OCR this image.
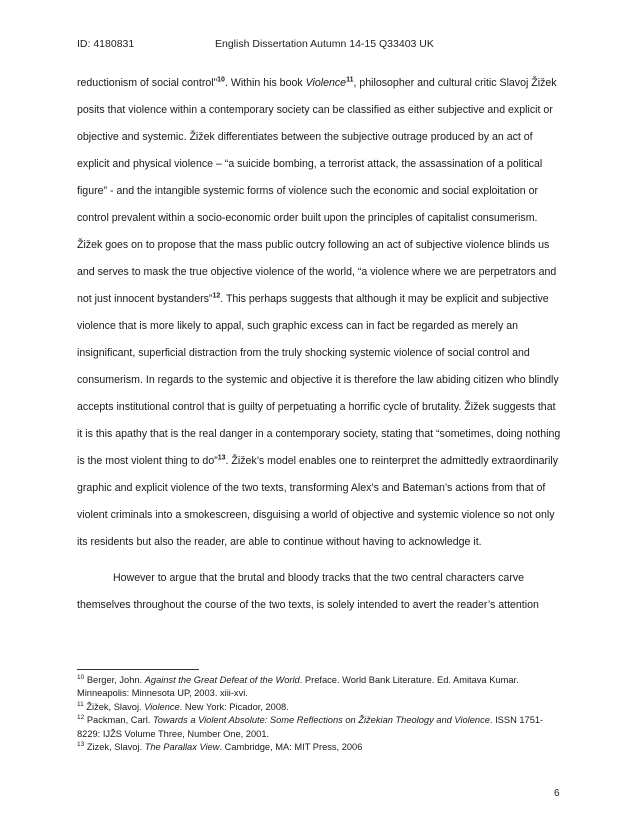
ID: 4180831	English Dissertation Autumn 14-15 Q33403 UK

reductionism of social control”$^{10}$. Within his book Violence$^{11}$, philosopher and cultural critic Slavoj Žižek posits that violence within a contemporary society can be classified as either subjective and explicit or objective and systemic. Žižek differentiates between the subjective outrage produced by an act of explicit and physical violence – “a suicide bombing, a terrorist attack, the assassination of a political figure” - and the intangible systemic forms of violence such the economic and social exploitation or control prevalent within a socio-economic order built upon the principles of capitalist consumerism. Žižek goes on to propose that the mass public outcry following an act of subjective violence blinds us and serves to mask the true objective violence of the world, “a violence where we are perpetrators and not just innocent bystanders”$^{12}$. This perhaps suggests that although it may be explicit and subjective violence that is more likely to appal, such graphic excess can in fact be regarded as merely an insignificant, superficial distraction from the truly shocking systemic violence of social control and consumerism. In regards to the systemic and objective it is therefore the law abiding citizen who blindly accepts institutional control that is guilty of perpetuating a horrific cycle of brutality. Žižek suggests that it is this apathy that is the real danger in a contemporary society, stating that “sometimes, doing nothing is the most violent thing to do”$^{13}$. Žižek’s model enables one to reinterpret the admittedly extraordinarily graphic and explicit violence of the two texts, transforming Alex’s and Bateman’s actions from that of violent criminals into a smokescreen, disguising a world of objective and systemic violence so not only its residents but also the reader, are able to continue without having to acknowledge it.

However to argue that the brutal and bloody tracks that the two central characters carve themselves throughout the course of the two texts, is solely intended to avert the reader’s attention

$^{10}$ Berger, John. Against the Great Defeat of the World. Preface. World Bank Literature. Ed. Amitava Kumar. Minneapolis: Minnesota UP, 2003. xiii-xvi.

$^{11}$ Žižek, Slavoj. Violence. New York: Picador, 2008.

$^{12}$ Packman, Carl. Towards a Violent Absolute: Some Reflections on Žižekian Theology and Violence. ISSN 1751-8229: IJŽS Volume Three, Number One, 2001.

$^{13}$ Zizek, Slavoj. The Parallax View. Cambridge, MA: MIT Press, 2006

6
